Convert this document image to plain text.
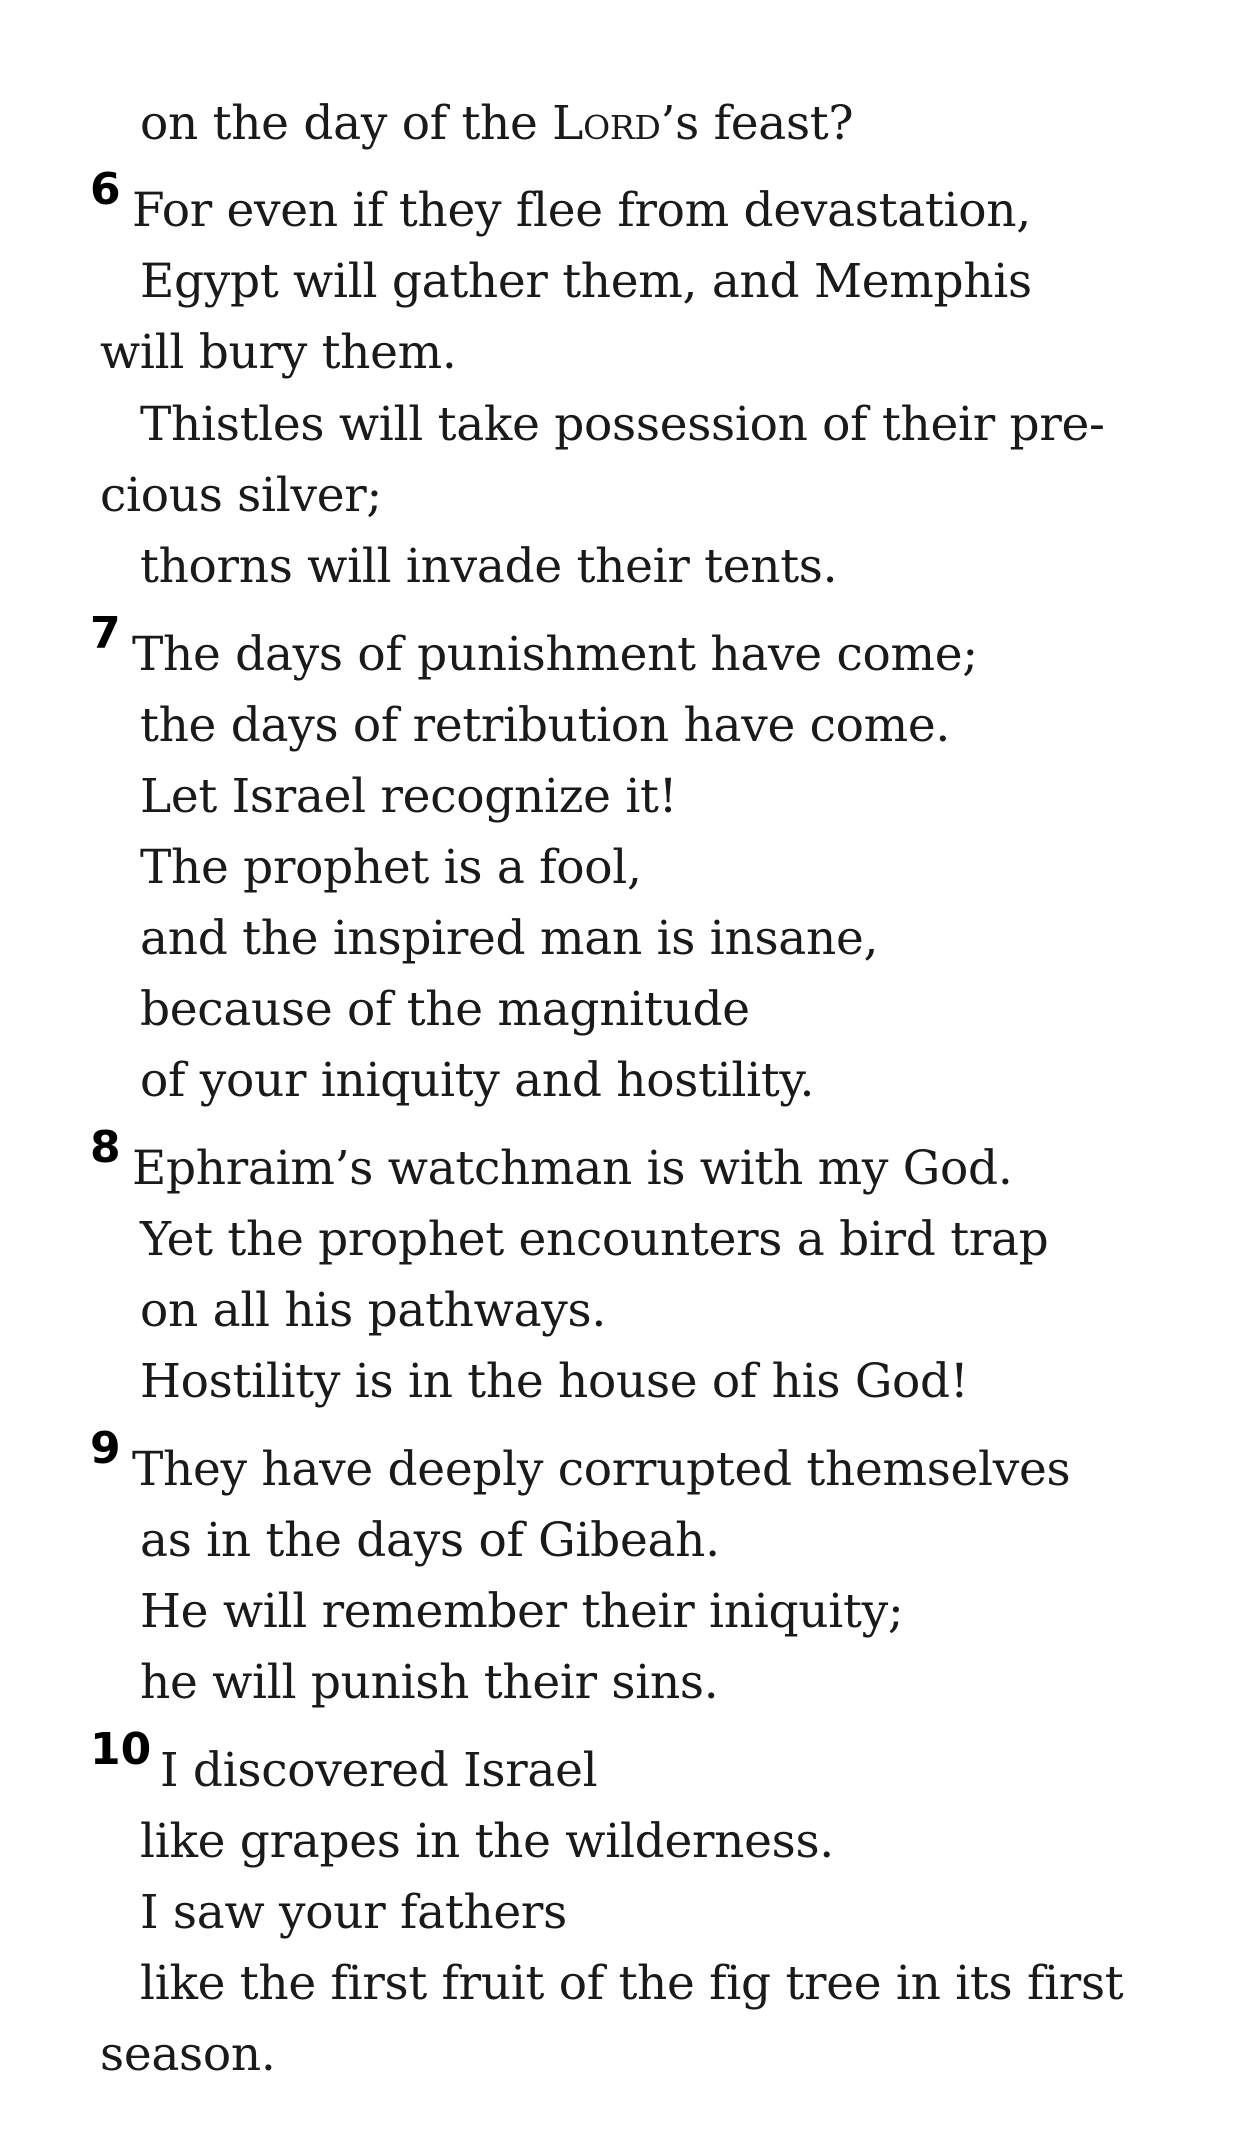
on the day of the Lord’s feast?
6 For even if they flee from devastation,
Egypt will gather them, and Memphis
will bury them.
Thistles will take possession of their pre-
cious silver;
thorns will invade their tents.
7 The days of punishment have come;
the days of retribution have come.
Let Israel recognize it!
The prophet is a fool,
and the inspired man is insane,
because of the magnitude
of your iniquity and hostility.
8 Ephraim’s watchman is with my God.
Yet the prophet encounters a bird trap
on all his pathways.
Hostility is in the house of his God!
9 They have deeply corrupted themselves
as in the days of Gibeah.
He will remember their iniquity;
he will punish their sins.
10 I discovered Israel
like grapes in the wilderness.
I saw your fathers
like the first fruit of the fig tree in its first
season.
